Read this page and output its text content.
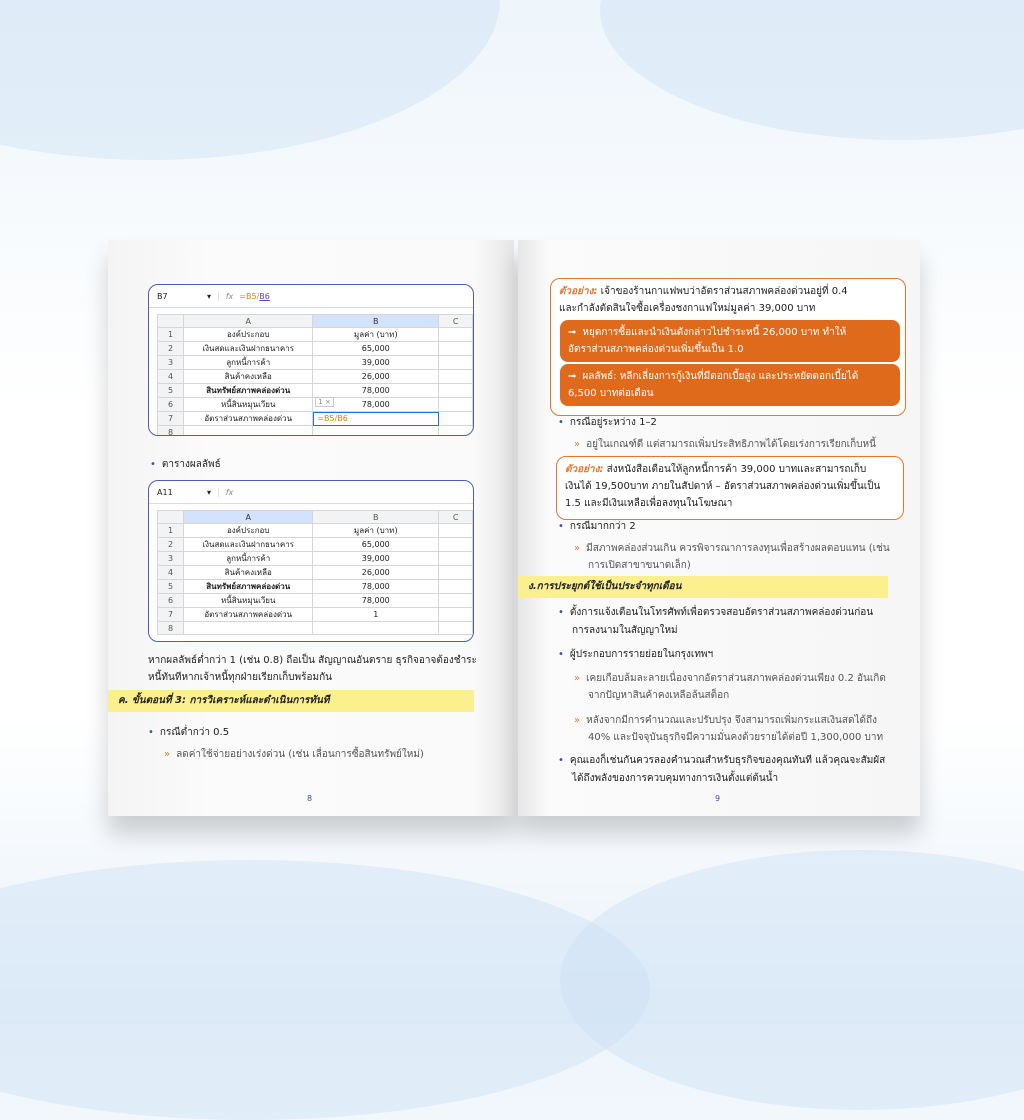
B7	▾ | fx =B5/B6
	A	B	C
1	องค์ประกอบ	มูลค่า (บาท)	
2	เงินสดและเงินฝากธนาคาร	65,000	
3	ลูกหนี้การค้า	39,000	
4	สินค้าคงเหลือ	26,000	
5	สินทรัพย์สภาพคล่องด่วน	78,000	
6	หนี้สินหมุนเวียน	1 × 78,000	
7	อัตราส่วนสภาพคล่องด่วน	=B5/B6	
8			
• ตารางผลลัพธ์
A11	▾ | fx
	A	B	C
1	องค์ประกอบ	มูลค่า (บาท)	
2	เงินสดและเงินฝากธนาคาร	65,000	
3	ลูกหนี้การค้า	39,000	
4	สินค้าคงเหลือ	26,000	
5	สินทรัพย์สภาพคล่องด่วน	78,000	
6	หนี้สินหมุนเวียน	78,000	
7	อัตราส่วนสภาพคล่องด่วน	1	
8			
หากผลลัพธ์ต่ำกว่า 1 (เช่น 0.8) ถือเป็น สัญญาณอันตราย ธุรกิจอาจต้องชำระ
หนี้ทันทีหากเจ้าหนี้ทุกฝ่ายเรียกเก็บพร้อมกัน
ค. ขั้นตอนที่ 3: การวิเคราะห์และดำเนินการทันที
• กรณีต่ำกว่า 0.5
» ลดค่าใช้จ่ายอย่างเร่งด่วน (เช่น เลื่อนการซื้อสินทรัพย์ใหม่)
8
ตัวอย่าง: เจ้าของร้านกาแฟพบว่าอัตราส่วนสภาพคล่องด่วนอยู่ที่ 0.4
และกำลังตัดสินใจซื้อเครื่องชงกาแฟใหม่มูลค่า 39,000 บาท
➟ หยุดการซื้อและนำเงินดังกล่าวไปชำระหนี้ 26,000 บาท ทำให้
อัตราส่วนสภาพคล่องด่วนเพิ่มขึ้นเป็น 1.0
➟ ผลลัพธ์: หลีกเลี่ยงการกู้เงินที่มีดอกเบี้ยสูง และประหยัดดอกเบี้ยได้
6,500 บาทต่อเดือน
• กรณีอยู่ระหว่าง 1–2
» อยู่ในเกณฑ์ดี แต่สามารถเพิ่มประสิทธิภาพได้โดยเร่งการเรียกเก็บหนี้
ตัวอย่าง: ส่งหนังสือเตือนให้ลูกหนี้การค้า 39,000 บาทและสามารถเก็บ
เงินได้ 19,500บาท ภายในสัปดาห์ – อัตราส่วนสภาพคล่องด่วนเพิ่มขึ้นเป็น
1.5 และมีเงินเหลือเพื่อลงทุนในโฆษณา
• กรณีมากกว่า 2
» มีสภาพคล่องส่วนเกิน ควรพิจารณาการลงทุนเพื่อสร้างผลตอบแทน (เช่น
การเปิดสาขาขนาดเล็ก)
ง.การประยุกต์ใช้เป็นประจำทุกเดือน
• ตั้งการแจ้งเตือนในโทรศัพท์เพื่อตรวจสอบอัตราส่วนสภาพคล่องด่วนก่อน
การลงนามในสัญญาใหม่
• ผู้ประกอบการรายย่อยในกรุงเทพฯ
» เคยเกือบล้มละลายเนื่องจากอัตราส่วนสภาพคล่องด่วนเพียง 0.2 อันเกิด
จากปัญหาสินค้าคงเหลือล้นสต็อก
» หลังจากมีการคำนวณและปรับปรุง จึงสามารถเพิ่มกระแสเงินสดได้ถึง
40% และปัจจุบันธุรกิจมีความมั่นคงด้วยรายได้ต่อปี 1,300,000 บาท
• คุณเองก็เช่นกันควรลองคำนวณสำหรับธุรกิจของคุณทันที แล้วคุณจะสัมผัส
ได้ถึงพลังของการควบคุมทางการเงินตั้งแต่ต้นน้ำ
9
